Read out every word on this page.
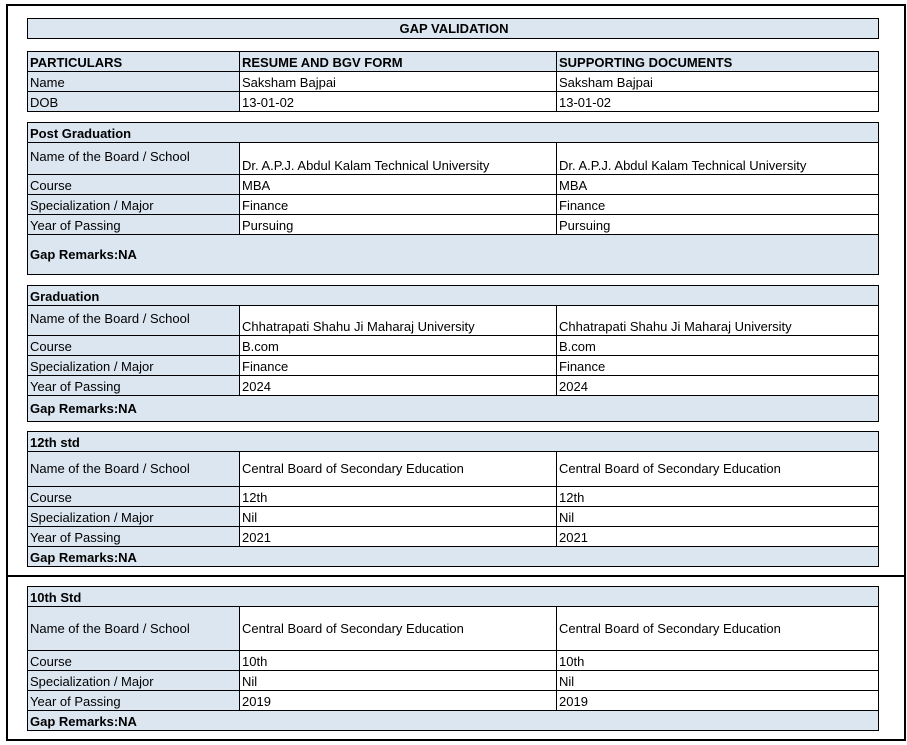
GAP VALIDATION
PARTICULARS	RESUME AND BGV FORM	SUPPORTING DOCUMENTS
Name	Saksham Bajpai	Saksham Bajpai
DOB	13-01-02	13-01-02
Post Graduation		
Name of the Board / School	Dr. A.P.J. Abdul Kalam Technical University	Dr. A.P.J. Abdul Kalam Technical University
Course	MBA	MBA
Specialization / Major	Finance	Finance
Year of Passing	Pursuing	Pursuing
Gap Remarks:NA		
Graduation		
Name of the Board / School	Chhatrapati Shahu Ji Maharaj University	Chhatrapati Shahu Ji Maharaj University
Course	B.com	B.com
Specialization / Major	Finance	Finance
Year of Passing	2024	2024
Gap Remarks:NA		
12th std		
Name of the Board / School	Central Board of Secondary Education	Central Board of Secondary Education
Course	12th	12th
Specialization / Major	Nil	Nil
Year of Passing	2021	2021
Gap Remarks:NA		
10th Std		
Name of the Board / School	Central Board of Secondary Education	Central Board of Secondary Education
Course	10th	10th
Specialization / Major	Nil	Nil
Year of Passing	2019	2019
Gap Remarks:NA		
